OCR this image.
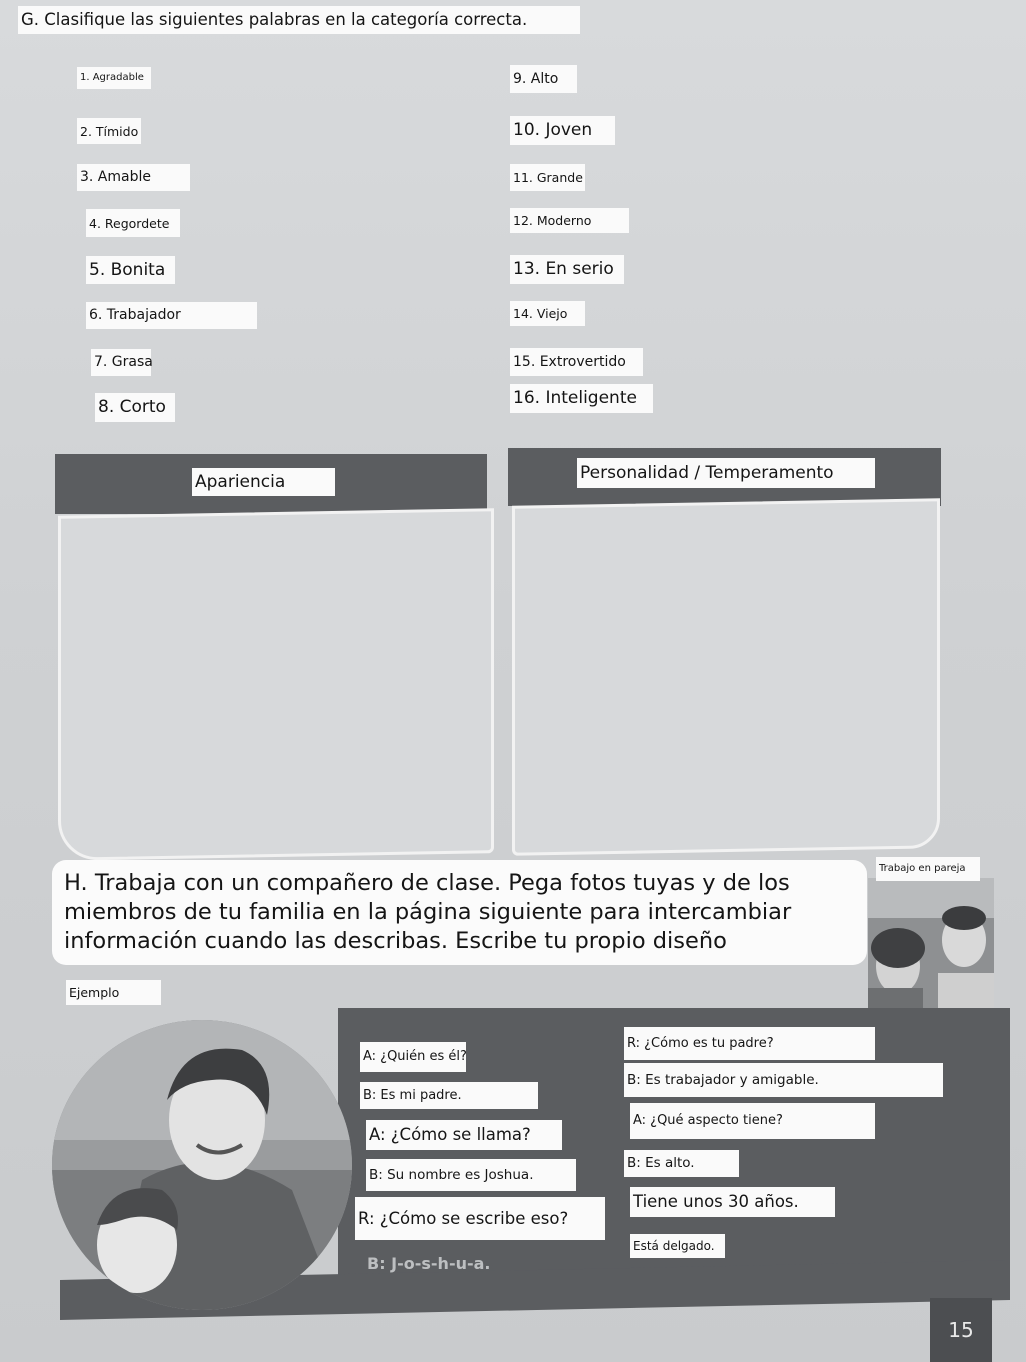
G. Clasifique las siguientes palabras en la categoría correcta.
1. Agradable
2. Tímido
3. Amable
4. Regordete
5. Bonita
6. Trabajador
7. Grasa
8. Corto
9. Alto
10. Joven
11. Grande
12. Moderno
13. En serio
14. Viejo
15. Extrovertido
16. Inteligente
Apariencia	Personalidad / Temperamento
H. Trabaja con un compañero de clase. Pega fotos tuyas y de los miembros de tu familia en la página siguiente para intercambiar información cuando las describas. Escribe tu propio diseño
Trabajo en pareja
Ejemplo
A: ¿Quién es él?
B: Es mi padre.
A: ¿Cómo se llama?
B: Su nombre es Joshua.
R: ¿Cómo se escribe eso?
B: J-o-s-h-u-a.
R: ¿Cómo es tu padre?
B: Es trabajador y amigable.
A: ¿Qué aspecto tiene?
B: Es alto.
Tiene unos 30 años.
Está delgado.
15
